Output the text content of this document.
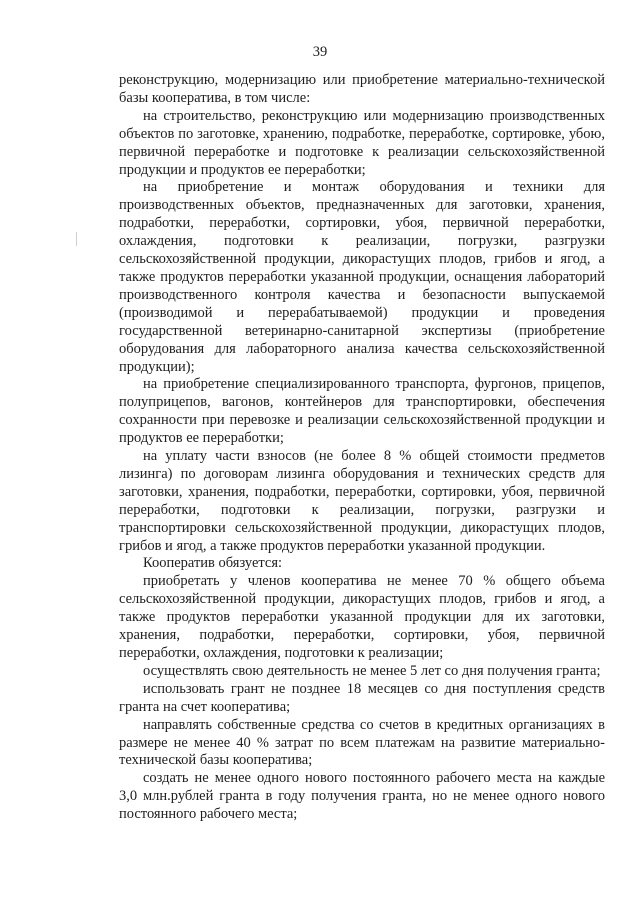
39

реконструкцию, модернизацию или приобретение материально-технической базы кооператива, в том числе:

на строительство, реконструкцию или модернизацию производственных объектов по заготовке, хранению, подработке, переработке, сортировке, убою, первичной переработке и подготовке к реализации сельскохозяйственной продукции и продуктов ее переработки;

на приобретение и монтаж оборудования и техники для производственных объектов, предназначенных для заготовки, хранения, подработки, переработки, сортировки, убоя, первичной переработки, охлаждения, подготовки к реализации, погрузки, разгрузки сельскохозяйственной продукции, дикорастущих плодов, грибов и ягод, а также продуктов переработки указанной продукции, оснащения лабораторий производственного контроля качества и безопасности выпускаемой (производимой и перерабатываемой) продукции и проведения государственной ветеринарно-санитарной экспертизы (приобретение оборудования для лабораторного анализа качества сельскохозяйственной продукции);

на приобретение специализированного транспорта, фургонов, прицепов, полуприцепов, вагонов, контейнеров для транспортировки, обеспечения сохранности при перевозке и реализации сельскохозяйственной продукции и продуктов ее переработки;

на уплату части взносов (не более 8 % общей стоимости предметов лизинга) по договорам лизинга оборудования и технических средств для заготовки, хранения, подработки, переработки, сортировки, убоя, первичной переработки, подготовки к реализации, погрузки, разгрузки и транспортировки сельскохозяйственной продукции, дикорастущих плодов, грибов и ягод, а также продуктов переработки указанной продукции.

Кооператив обязуется:

приобретать у членов кооператива не менее 70 % общего объема сельскохозяйственной продукции, дикорастущих плодов, грибов и ягод, а также продуктов переработки указанной продукции для их заготовки, хранения, подработки, переработки, сортировки, убоя, первичной переработки, охлаждения, подготовки к реализации;

осуществлять свою деятельность не менее 5 лет со дня получения гранта;

использовать грант не позднее 18 месяцев со дня поступления средств гранта на счет кооператива;

направлять собственные средства со счетов в кредитных организациях в размере не менее 40 % затрат по всем платежам на развитие материально-технической базы кооператива;

создать не менее одного нового постоянного рабочего места на каждые 3,0 млн.рублей гранта в году получения гранта, но не менее одного нового постоянного рабочего места;
